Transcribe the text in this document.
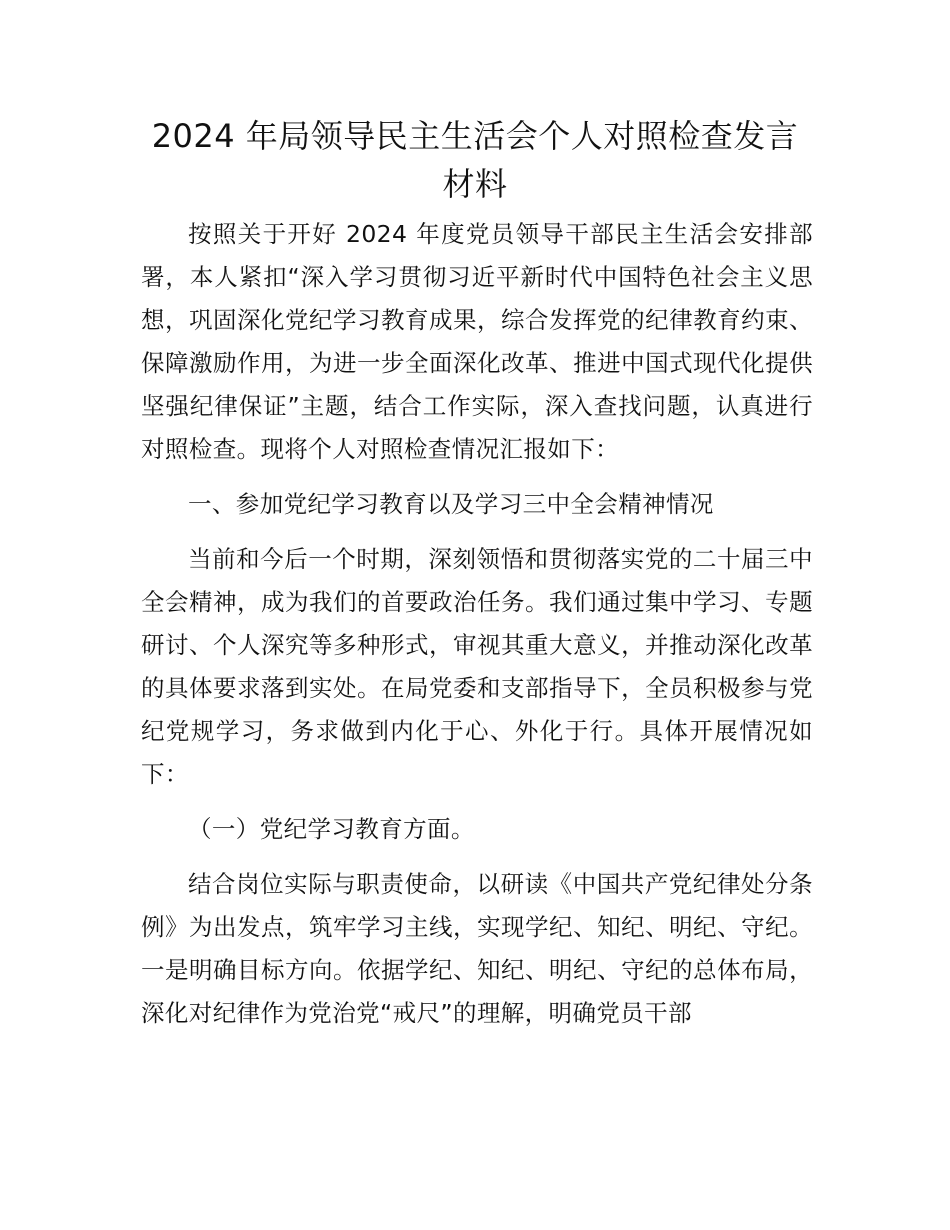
2024 年局领导民主生活会个人对照检查发言
材料

按照关于开好 2024 年度党员领导干部民主生活会安排部署，本人紧扣“深入学习贯彻习近平新时代中国特色社会主义思想，巩固深化党纪学习教育成果，综合发挥党的纪律教育约束、保障激励作用，为进一步全面深化改革、推进中国式现代化提供坚强纪律保证”主题，结合工作实际，深入查找问题，认真进行对照检查。现将个人对照检查情况汇报如下：

一、参加党纪学习教育以及学习三中全会精神情况

当前和今后一个时期，深刻领悟和贯彻落实党的二十届三中全会精神，成为我们的首要政治任务。我们通过集中学习、专题研讨、个人深究等多种形式，审视其重大意义，并推动深化改革的具体要求落到实处。在局党委和支部指导下，全员积极参与党纪党规学习，务求做到内化于心、外化于行。具体开展情况如下：

（一）党纪学习教育方面。

结合岗位实际与职责使命，以研读《中国共产党纪律处分条例》为出发点，筑牢学习主线，实现学纪、知纪、明纪、守纪。一是明确目标方向。依据学纪、知纪、明纪、守纪的总体布局，深化对纪律作为党治党“戒尺”的理解，明确党员干部
